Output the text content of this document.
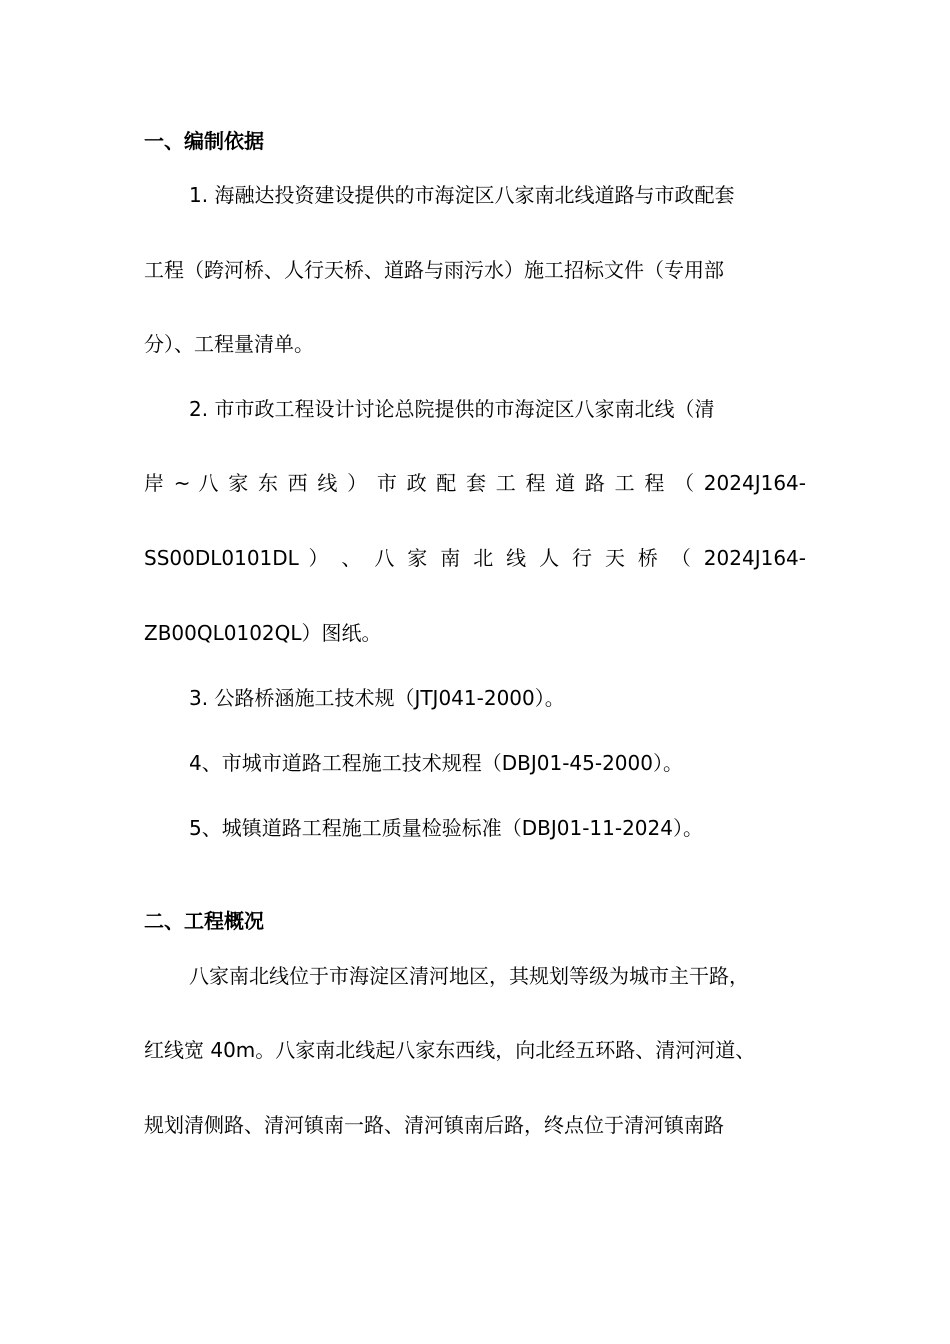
一、编制依据
1. 海融达投资建设提供的市海淀区八家南北线道路与市政配套
工程（跨河桥、人行天桥、道路与雨污水）施工招标文件（专用部
分）、工程量清单。
2. 市市政工程设计讨论总院提供的市海淀区八家南北线（清
岸 ~ 八 家 东 西 线 ） 市 政 配 套 工 程 道 路 工 程 （ 2024J164-
SS00DL0101DL ） 、 八 家 南 北 线 人 行 天 桥 （ 2024J164-
ZB00QL0102QL）图纸。
3. 公路桥涵施工技术规（JTJ041-2000）。
4、市城市道路工程施工技术规程（DBJ01-45-2000）。
5、城镇道路工程施工质量检验标准（DBJ01-11-2024）。
二、工程概况
八家南北线位于市海淀区清河地区，其规划等级为城市主干路，
红线宽 40m。八家南北线起八家东西线，向北经五环路、清河河道、
规划清侧路、清河镇南一路、清河镇南后路，终点位于清河镇南路
